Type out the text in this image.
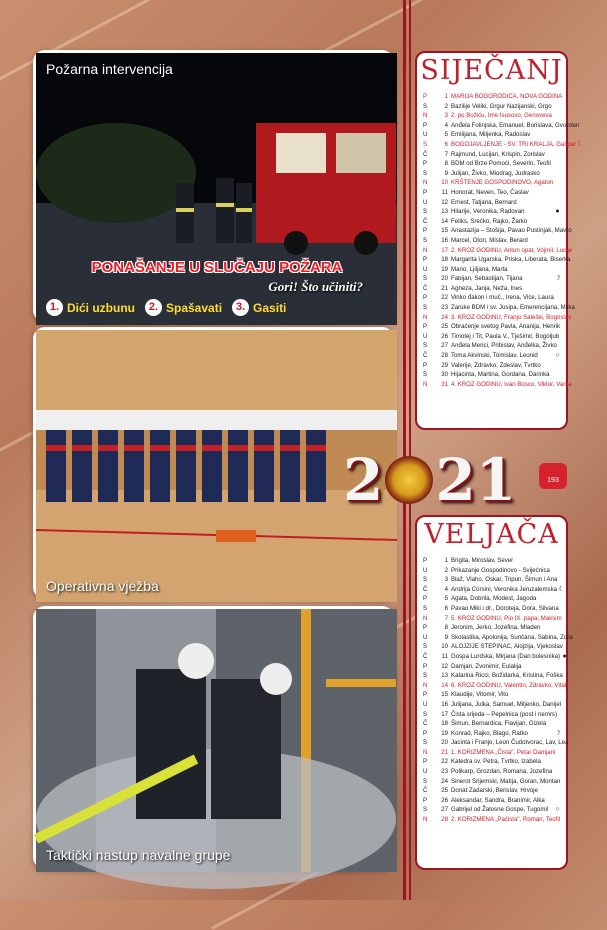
Požarna intervencija
PONAŠANJE U SLUČAJU POŽARA
Gori! Što učiniti?
1. Dići uzbunu	2. Spašavati	3. Gasiti
Operativna vježba
Taktički nastup navalne grupe
2 21	193
SIJEČANJ
P	1 MARIJA BOGORODICA, NOVA GODINA
S	2 Bazilije Veliki, Grgur Nazijanski, Grgo
N	3 2. po Božiću, Ime Isusovo, Genoveva
P	4 Anđela Folinjska, Emanuel, Borislava, Gvozden
U	5 Emilijana, Miljenka, Radoslav
S	6 BOGOJAVLJENJE - SV. TRI KRALJA, Gašpar ☾
Č	7 Rajmund, Lucijan, Krispin, Zorislav
P	8 BDM od Brze Pomoći, Severin, Teofil
S	9 Julijan, Živko, Miodrag, Judrasko
N	10 KRŠTENJE GOSPODINOVO, Agaton
P	11 Honorat, Neven, Teo, Časlav
U	12 Ernest, Tatjana, Bernard
S	13 Hilarije, Veronika, Radovan	●
Č	14 Feliks, Srećko, Rajko, Žarko
P	15 Anastazija – Stošija, Pavao Pustinjak, Mavro
S	16 Marcel, Oton, Mislav, Berard
N	17 2. KROZ GODINU, Antun opat, Vojmil, Lucije
P	18 Margarita Ugarska, Priska, Liberata, Biserka
U	19 Mario, Ljiljana, Marta
S	20 Fabijan, Sebastijan, Tijana	☽
Č	21 Agneza, Janja, Neža, Ines
P	22 Vinko đakon i muč., Irena, Vice, Laura
S	23 Zaruke BDM i sv. Josipa, Emerencijana, Milka
N	24 3. KROZ GODINU, Franjo Saleški, Bogoslav
P	25 Obraćenje svetog Pavla, Ananija, Henrik
U	26 Timotej i Tit, Paula V., Tješimir, Bogoljub
S	27 Anđela Merici, Pribislav, Anđelka, Živko
Č	28 Toma Akvinski, Tomislav, Leonid	○
P	29 Valerije, Zdravko, Zdeslav, Tvrtko
S	30 Hijacinta, Martina, Gordana, Darinka
N	31 4. KROZ GODINU, Ivan Bosco, Viktor, Vanja
VELJAČA
P	1 Brigita, Miroslav, Sever
U	2 Prikazanje Gospodinovo - Svijećnica
S	3 Blaž, Vlaho, Oskar, Tripun, Šimun i Ana
Č	4 Andrija Corsini, Veronika Jeruzalemska ☾
P	5 Agata, Dobrila, Modest, Jagoda
S	6 Pavao Miki i dr., Doroteja, Dora, Silvana
N	7 5. KROZ GODINU, Pio IX. papa, Maksim
P	8 Jeronim, Jerko, Jozefina, Mladen
U	9 Skolastika, Apolonija, Sunčana, Sabina, Zora
S	10 ALOJZIJE STEPINAC, Alojzija, Vjekoslav
Č	11 Gospa Lurdska, Mirjana (Dan bolesnika) ●
P	12 Damjan, Zvonimir, Eulalija
S	13 Katarina Ricci, Božidarka, Kristina, Foška
N	14 6. KROZ GODINU, Valentin, Zdravko, Vital
P	15 Klaudije, Vitomir, Vito
U	16 Julijana, Julka, Samuel, Miljenko, Danijel
S	17 Čista srijeda – Pepelnica (post i nemrs)
Č	18 Šimun, Bernardica, Flavijan, Gizela
P	19 Konrad, Rajko, Blago, Ratko	☽
S	20 Jacinta i Franjo, Leon Čudotvorac, Lav, Lea
N	21 1. KORIZMENA „Čista", Petar Damjani
P	22 Katedra sv. Petra, Tvrtko, Izabela
U	23 Polikarp, Grozdan, Romana, Jozefina
S	24 Sinerot Srijemski, Matija, Goran, Montan
Č	25 Donat Zadarski, Berislav, Hrvoje
P	26 Aleksandar, Sandra, Branimir, Alka
S	27 Gabrijel od Žalosne Gospe, Tugomil	○
N	28 2. KORIZMENA „Pačista", Roman, Teofil
